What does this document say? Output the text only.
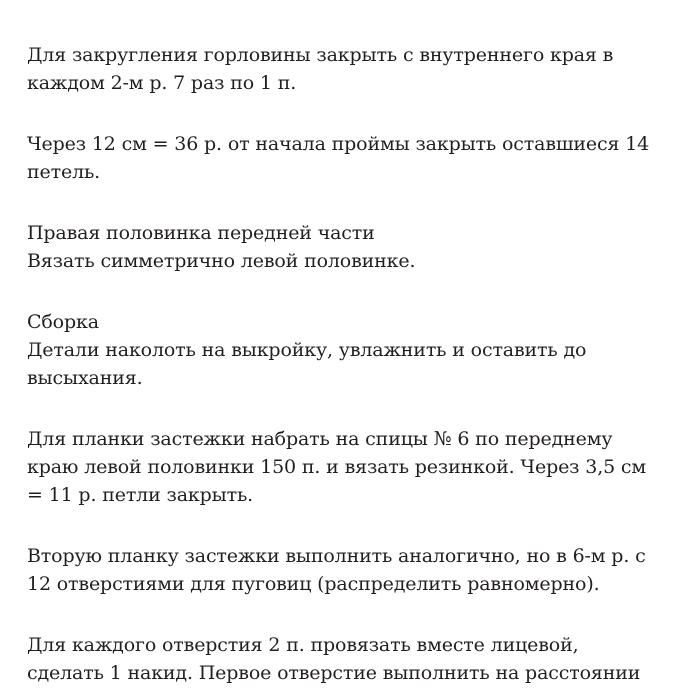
Для закругления горловины закрыть с внутреннего края в
каждом 2-м р. 7 раз по 1 п.
Через 12 см = 36 р. от начала проймы закрыть оставшиеся 14
петель.
Правая половинка передней части
Вязать симметрично левой половинке.
Сборка
Детали наколоть на выкройку, увлажнить и оставить до
высыхания.
Для планки застежки набрать на спицы № 6 по переднему
краю левой половинки 150 п. и вязать резинкой. Через 3,5 см
= 11 р. петли закрыть.
Вторую планку застежки выполнить аналогично, но в 6-м р. с
12 отверстиями для пуговиц (распределить равномерно).
Для каждого отверстия 2 п. провязать вместе лицевой,
сделать 1 накид. Первое отверстие выполнить на расстоянии
